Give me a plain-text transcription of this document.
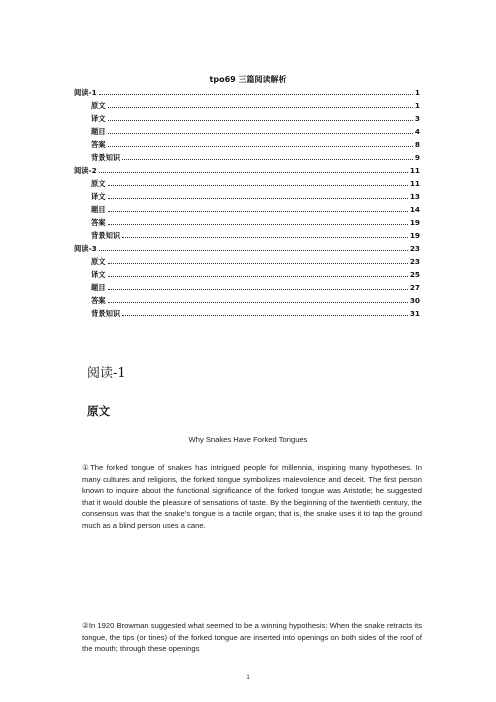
tpo69 三篇阅读解析
阅读-1	1
原文	1
译文	3
题目	4
答案	8
背景知识	9
阅读-2	11
原文	11
译文	13
题目	14
答案	19
背景知识	19
阅读-3	23
原文	23
译文	25
题目	27
答案	30
背景知识	31
阅读-1
原文
Why Snakes Have Forked Tongues

①The forked tongue of snakes has intrigued people for millennia, inspiring many hypotheses. In many cultures and religions, the forked tongue symbolizes malevolence and deceit. The first person known to inquire about the functional significance of the forked tongue was Aristotle; he suggested that it would double the pleasure of sensations of taste. By the beginning of the twentieth century, the consensus was that the snake’s tongue is a tactile organ; that is, the snake uses it to tap the ground much as a blind person uses a cane.

②In 1920 Browman suggested what seemed to be a winning hypothesis: When the snake retracts its tongue, the tips (or tines) of the forked tongue are inserted into openings on both sides of the roof of the mouth; through these openings

1
